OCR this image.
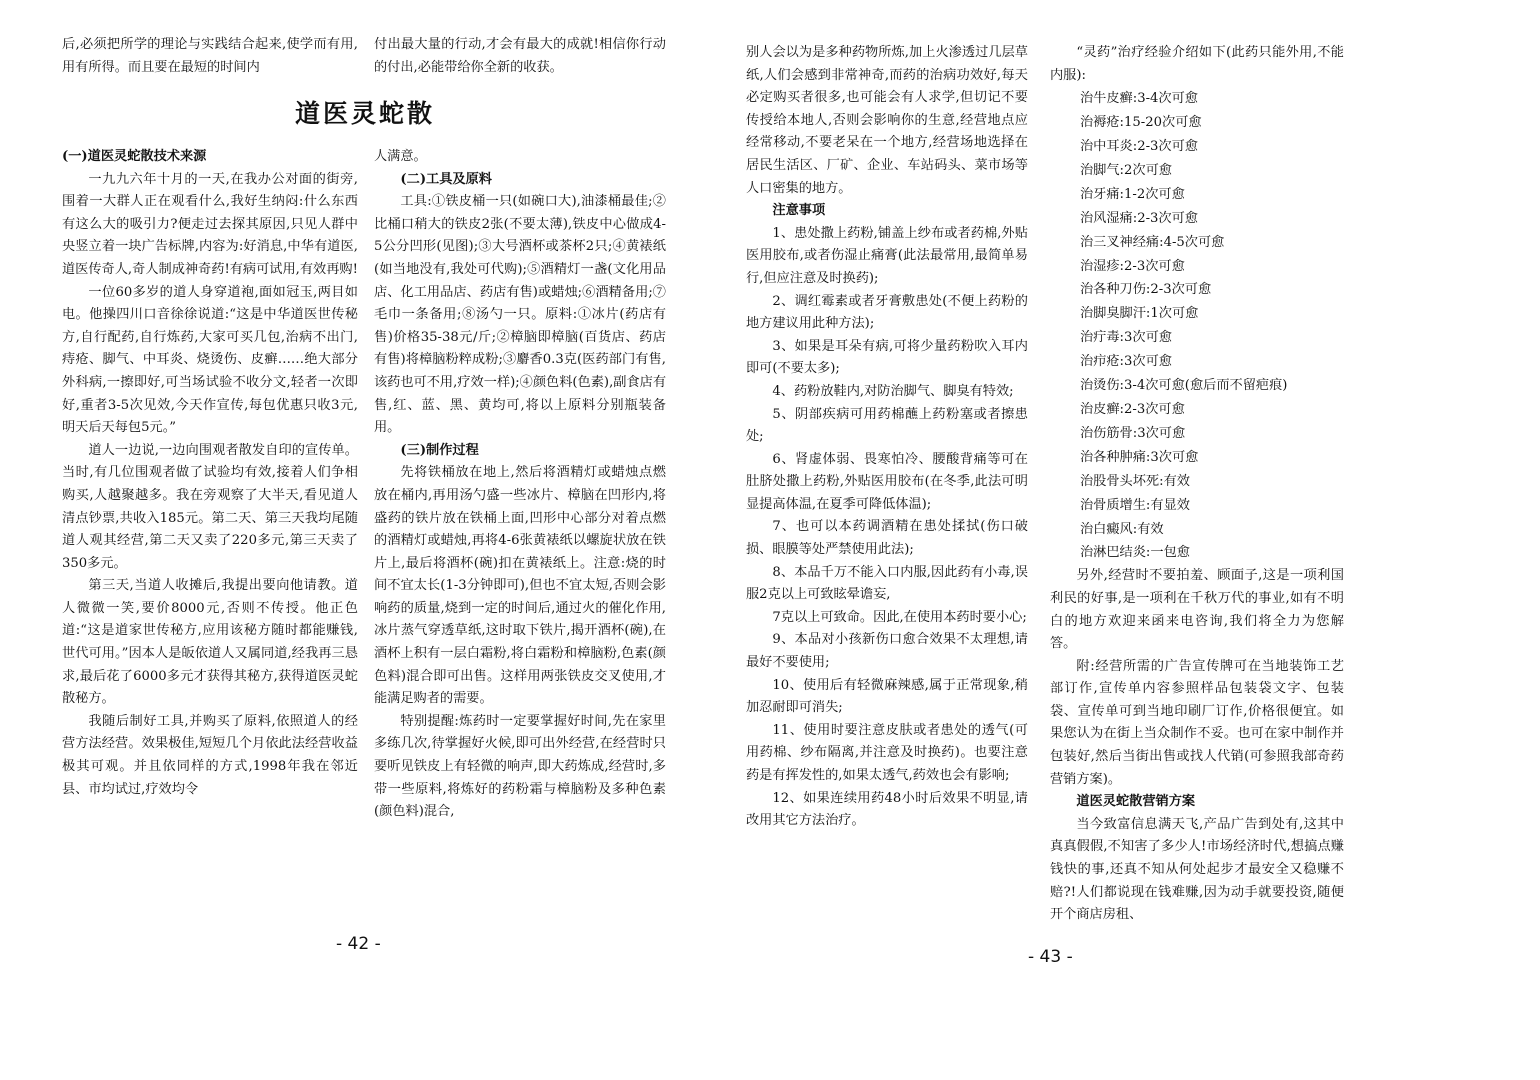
后,必须把所学的理论与实践结合起来,使学而有用,用有所得。而且要在最短的时间内

付出最大量的行动,才会有最大的成就!相信你行动的付出,必能带给你全新的收获。

道医灵蛇散

(一)道医灵蛇散技术来源

一九九六年十月的一天,在我办公对面的街旁,围着一大群人正在观看什么,我好生纳闷:什么东西有这么大的吸引力?便走过去探其原因,只见人群中央竖立着一块广告标牌,内容为:好消息,中华有道医,道医传奇人,奇人制成神奇药!有病可试用,有效再购!

一位60多岁的道人身穿道袍,面如冠玉,两目如电。他操四川口音徐徐说道:“这是中华道医世传秘方,自行配药,自行炼药,大家可买几包,治病不出门,痔疮、脚气、中耳炎、烧烫伤、皮癣……绝大部分外科病,一擦即好,可当场试验不收分文,轻者一次即好,重者3-5次见效,今天作宣传,每包优惠只收3元,明天后天每包5元。”

道人一边说,一边向围观者散发自印的宣传单。当时,有几位围观者做了试验均有效,接着人们争相购买,人越聚越多。我在旁观察了大半天,看见道人清点钞票,共收入185元。第二天、第三天我均尾随道人观其经营,第二天又卖了220多元,第三天卖了350多元。

第三天,当道人收摊后,我提出要向他请教。道人微微一笑,要价8000元,否则不传授。他正色道:“这是道家世传秘方,应用该秘方随时都能赚钱,世代可用。”因本人是皈依道人又属同道,经我再三恳求,最后花了6000多元才获得其秘方,获得道医灵蛇散秘方。

我随后制好工具,并购买了原料,依照道人的经营方法经营。效果极佳,短短几个月依此法经营收益极其可观。并且依同样的方式,1998年我在邻近县、市均试过,疗效均令

人满意。

(二)工具及原料

工具:①铁皮桶一只(如碗口大),油漆桶最佳;②比桶口稍大的铁皮2张(不要太薄),铁皮中心做成4-5公分凹形(见图);③大号酒杯或茶杯2只;④黄裱纸(如当地没有,我处可代购);⑤酒精灯一盏(文化用品店、化工用品店、药店有售)或蜡烛;⑥酒精备用;⑦毛巾一条备用;⑧汤勺一只。原料:①冰片(药店有售)价格35-38元/斤;②樟脑即樟脑(百货店、药店有售)将樟脑粉粹成粉;③麝香0.3克(医药部门有售,该药也可不用,疗效一样);④颜色料(色素),副食店有售,红、蓝、黑、黄均可,将以上原料分别瓶装备用。

(三)制作过程

先将铁桶放在地上,然后将酒精灯或蜡烛点燃放在桶内,再用汤勺盛一些冰片、樟脑在凹形内,将盛药的铁片放在铁桶上面,凹形中心部分对着点燃的酒精灯或蜡烛,再将4-6张黄裱纸以螺旋状放在铁片上,最后将酒杯(碗)扣在黄裱纸上。注意:烧的时间不宜太长(1-3分钟即可),但也不宜太短,否则会影响药的质量,烧到一定的时间后,通过火的催化作用,冰片蒸气穿透草纸,这时取下铁片,揭开酒杯(碗),在酒杯上积有一层白霜粉,将白霜粉和樟脑粉,色素(颜色料)混合即可出售。这样用两张铁皮交叉使用,才能满足购者的需要。

特别提醒:炼药时一定要掌握好时间,先在家里多练几次,待掌握好火候,即可出外经营,在经营时只要听见铁皮上有轻微的响声,即大药炼成,经营时,多带一些原料,将炼好的药粉霜与樟脑粉及多种色素(颜色料)混合,

- 42 -

别人会以为是多种药物所炼,加上火渗透过几层草纸,人们会感到非常神奇,而药的治病功效好,每天必定购买者很多,也可能会有人求学,但切记不要传授给本地人,否则会影响你的生意,经营地点应经常移动,不要老呆在一个地方,经营场地选择在居民生活区、厂矿、企业、车站码头、菜市场等人口密集的地方。

注意事项

1、患处撒上药粉,铺盖上纱布或者药棉,外贴医用胶布,或者伤湿止痛膏(此法最常用,最简单易行,但应注意及时换药);

2、调红霉素或者牙膏敷患处(不便上药粉的地方建议用此种方法);

3、如果是耳朵有病,可将少量药粉吹入耳内即可(不要太多);

4、药粉放鞋内,对防治脚气、脚臭有特效;

5、阴部疾病可用药棉蘸上药粉塞或者擦患处;

6、肾虚体弱、畏寒怕冷、腰酸背痛等可在肚脐处撒上药粉,外贴医用胶布(在冬季,此法可明显提高体温,在夏季可降低体温);

7、也可以本药调酒精在患处揉拭(伤口破损、眼膜等处严禁使用此法);

8、本品千万不能入口内服,因此药有小毒,误服2克以上可致眩晕谵妄,

7克以上可致命。因此,在使用本药时要小心;

9、本品对小孩新伤口愈合效果不太理想,请最好不要使用;

10、使用后有轻微麻辣感,属于正常现象,稍加忍耐即可消失;

11、使用时要注意皮肤或者患处的透气(可用药棉、纱布隔离,并注意及时换药)。也要注意药是有挥发性的,如果太透气,药效也会有影响;

12、如果连续用药48小时后效果不明显,请改用其它方法治疗。

“灵药”治疗经验介绍如下(此药只能外用,不能内服):

治牛皮癣:3-4次可愈
治褥疮:15-20次可愈
治中耳炎:2-3次可愈
治脚气:2次可愈
治牙痛:1-2次可愈
治风湿痛:2-3次可愈
治三叉神经痛:4-5次可愈
治湿疹:2-3次可愈
治各种刀伤:2-3次可愈
治脚臭脚汗:1次可愈
治疔毒:3次可愈
治疖疮:3次可愈
治烫伤:3-4次可愈(愈后而不留疤痕)
治皮癣:2-3次可愈
治伤筋骨:3次可愈
治各种肿痛:3次可愈
治股骨头坏死:有效
治骨质增生:有显效
治白癜风:有效
治淋巴结炎:一包愈

另外,经营时不要拍羞、顾面子,这是一项利国利民的好事,是一项利在千秋万代的事业,如有不明白的地方欢迎来函来电咨询,我们将全力为您解答。

附:经营所需的广告宣传牌可在当地装饰工艺部订作,宣传单内容参照样品包装袋文字、包装袋、宣传单可到当地印刷厂订作,价格很便宜。如果您认为在街上当众制作不妥。也可在家中制作并包装好,然后当街出售或找人代销(可参照我部奇药营销方案)。

道医灵蛇散营销方案

当今致富信息满天飞,产品广告到处有,这其中真真假假,不知害了多少人!市场经济时代,想搞点赚钱快的事,还真不知从何处起步才最安全又稳赚不赔?!人们都说现在钱难赚,因为动手就要投资,随便开个商店房租、

- 43 -
